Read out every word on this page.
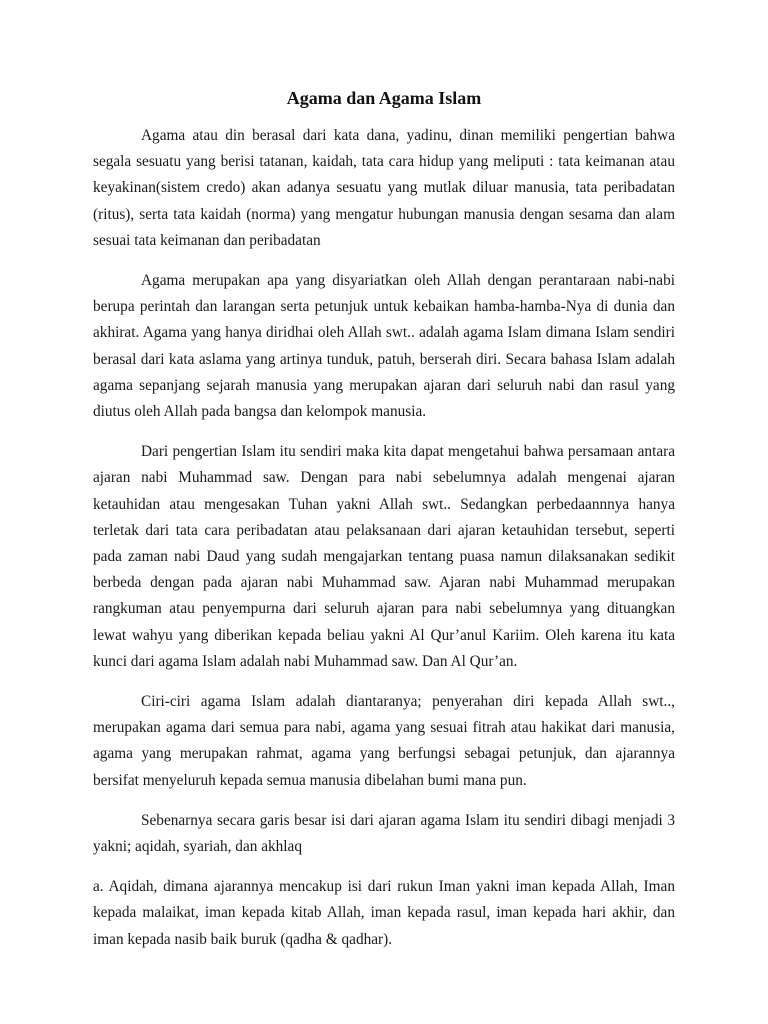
Agama dan Agama Islam

Agama atau din berasal dari kata dana, yadinu, dinan memiliki pengertian bahwa segala sesuatu yang berisi tatanan, kaidah, tata cara hidup yang meliputi : tata keimanan atau keyakinan(sistem credo) akan adanya sesuatu yang mutlak diluar manusia, tata peribadatan (ritus), serta tata kaidah (norma) yang mengatur hubungan manusia dengan sesama dan alam sesuai tata keimanan dan peribadatan

Agama merupakan apa yang disyariatkan oleh Allah dengan perantaraan nabi-nabi berupa perintah dan larangan serta petunjuk untuk kebaikan hamba-hamba-Nya di dunia dan akhirat. Agama yang hanya diridhai oleh Allah swt.. adalah agama Islam dimana Islam sendiri berasal dari kata aslama yang artinya tunduk, patuh, berserah diri. Secara bahasa Islam adalah agama sepanjang sejarah manusia yang merupakan ajaran dari seluruh nabi dan rasul yang diutus oleh Allah pada bangsa dan kelompok manusia.

Dari pengertian Islam itu sendiri maka kita dapat mengetahui bahwa persamaan antara ajaran nabi Muhammad saw. Dengan para nabi sebelumnya adalah mengenai ajaran ketauhidan atau mengesakan Tuhan yakni Allah swt.. Sedangkan perbedaannnya hanya terletak dari tata cara peribadatan atau pelaksanaan dari ajaran ketauhidan tersebut, seperti pada zaman nabi Daud yang sudah mengajarkan tentang puasa namun dilaksanakan sedikit berbeda dengan pada ajaran nabi Muhammad saw. Ajaran nabi Muhammad merupakan rangkuman atau penyempurna dari seluruh ajaran para nabi sebelumnya yang dituangkan lewat wahyu yang diberikan kepada beliau yakni Al Qur’anul Kariim. Oleh karena itu kata kunci dari agama Islam adalah nabi Muhammad saw. Dan Al Qur’an.

Ciri-ciri agama Islam adalah diantaranya; penyerahan diri kepada Allah swt.., merupakan agama dari semua para nabi, agama yang sesuai fitrah atau hakikat dari manusia, agama yang merupakan rahmat, agama yang berfungsi sebagai petunjuk, dan ajarannya bersifat menyeluruh kepada semua manusia dibelahan bumi mana pun.

Sebenarnya secara garis besar isi dari ajaran agama Islam itu sendiri dibagi menjadi 3 yakni; aqidah, syariah, dan akhlaq

a. Aqidah, dimana ajarannya mencakup isi dari rukun Iman yakni iman kepada Allah, Iman kepada malaikat, iman kepada kitab Allah, iman kepada rasul, iman kepada hari akhir, dan iman kepada nasib baik buruk (qadha & qadhar).
